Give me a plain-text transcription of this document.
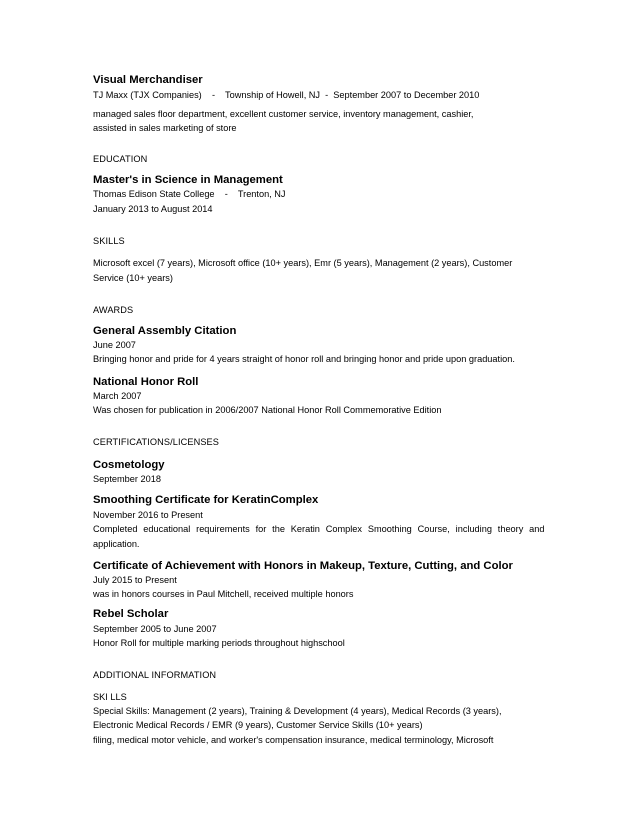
Visual Merchandiser

TJ Maxx (TJX Companies)    -    Township of Howell, NJ  -  September 2007 to December 2010

managed sales floor department, excellent customer service, inventory management, cashier,

assisted in sales marketing of store

EDUCATION

Master's in Science in Management

Thomas Edison State College    -    Trenton, NJ

January 2013 to August 2014

SKILLS

Microsoft excel (7 years), Microsoft office (10+ years), Emr (5 years), Management (2 years), Customer

Service (10+ years)

AWARDS

General Assembly Citation

June 2007

Bringing honor and pride for 4 years straight of honor roll and bringing honor and pride upon graduation.

National Honor Roll

March 2007

Was chosen for publication in 2006/2007 National Honor Roll Commemorative Edition

CERTIFICATIONS/LICENSES

Cosmetology

September 2018

Smoothing Certificate for KeratinComplex

November 2016 to Present

Completed educational requirements for the Keratin Complex Smoothing Course, including theory and

application.

Certificate of Achievement with Honors in Makeup, Texture, Cutting, and Color

July 2015 to Present

was in honors courses in Paul Mitchell, received multiple honors

Rebel Scholar

September 2005 to June 2007

Honor Roll for multiple marking periods throughout highschool

ADDITIONAL INFORMATION

SKI LLS

Special Skills: Management (2 years), Training & Development (4 years), Medical Records (3 years),

Electronic Medical Records / EMR (9 years), Customer Service Skills (10+ years)

filing, medical motor vehicle, and worker's compensation insurance, medical terminology, Microsoft
